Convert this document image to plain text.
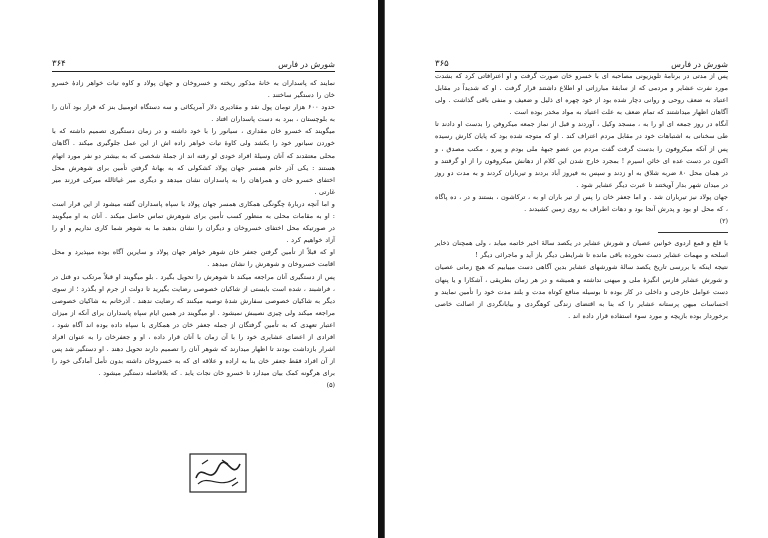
شورش در فارس
۳۶۴

نمایند که پاسداران به خانهٔ مذکور ریخته و خسروخان و جهان پولاد و کاوه تیات خواهر زادهٔ خسرو خان را دستگیر ساختند .

حدود ۶۰۰ هزار تومان پول نقد و مقادیری دلار آمریکائی و سه دستگاه اتومبیل بنز که قرار بود آنان را به بلوچستان ، ببرد به دست پاسداران افتاد .

میگویند که خسرو خان مقداری ، سیانور را با خود داشته و در زمان دستگیری تصمیم داشته که با خوردن سیانور خود را بکشد ولی کاوهٔ تیات خواهر زاده اش از این عمل جلوگیری میکند . آگاهان محلی معتقدند که آنان وسیلهٔ افراد خودی لو رفته اند از جملهٔ شخصی که به بیشتر دو نفر مورد اتهام هستند : یکی آذر خانم همسر جهان پولاد کشکولی که به بهانهٔ گرفتن تأمین برای شوهرش محل اختفای خسرو خان و همراهان را به پاسداران نشان میدهد و دیگری میر غیاثالله میرکی فرزند میر غارتی .

و اما آنچه دربارهٔ چگونگی همکاری همسر جهان پولاد با سپاه پاسداران گفته میشود از این قرار است : او به مقامات محلی به منظور کسب تأمین برای شوهرش تماس حاصل میکند . آنان به او میگویند در صورتیکه محل اختفای خسروخان و دیگران را نشان بدهید ما به شوهر شما کاری نداریم و او را آزاد خواهیم کرد .

او که قبلاً از تأمین گرفتن جعفر خان شوهر خواهر جهان پولاد و سایرین آگاه بوده میپذیرد و محل اقامت خسروخان و شوهرش را نشان میدهد .

پس از دستگیری آنان مراجعه میکند تا شوهرش را تحویل بگیرد . بلو میگویند او قبلاً مرتکب دو قتل در ، فراشبند ، شده است بایستی از شاکیان خصوصی رضایت بگیرید تا دولت از جرم او بگذرد ؛ از سوی دیگر به شاکیان خصوصی سفارش شدهٔ توصیه میکنند که رضایت ندهند . آذرخانم به شاکیان خصوصی مراجعه میکند ولی چیزی نصیبش نمیشود . او میگویند در همین ایام سپاه پاسداران برای آنکه از میزان اعتبار تعهدی که به تأمین گرفتگان از جمله جعفر خان در همکاری با سپاه داده بوده اند آگاه شود ، افرادی از اعضای عشایری خود را با آن زمان با آنان قرار داده ، او و جعفرخان را به عنوان افراد اشرار بازداشت بودند تا اظهار میدارند که شوهر آنان را تصمیم دارند تحویل دهند . او دستگیر شد پس از آن افراد فقط جعفر خان بنا به اراده و علاقه ای که به خسروخان داشته بدون تأمل آمادگی خود را برای هرگونه کمک بیان میدارد تا خسرو خان نجات یابد . که بلافاصله دستگیر میشود .

(۵)
شورش در فارس
۳۶۵

پس از مدتی در برنامهٔ تلویزیونی مصاحبه ای با خسرو خان صورت گرفت و او اعترافاتی کرد که بشدت مورد نفرت عشایر و مردمی که از سابقهٔ مبارزاتی او اطلاع داشتند قرار گرفت . او که شدیداً در مقابل اعتیاد به ضعف روحی و روانی دچار شده بود از خود چهره ای ذلیل و ضعیف و منفی باقی گذاشت . ولی آگاهان اظهار میداشتند که تمام ضعف به علت اعتیاد به مواد مخدر بوده است .

آنگاه در روز جمعه ای او را به ، مسجد وکیل ، آوردند و قبل از نماز جمعه میکروفن را بدست او دادند تا طی سخنانی به اشتباهات خود در مقابل مردم اعتراف کند . او که متوجه شده بود که پایان کارش رسیده پس از آنکه میکروفون را بدست گرفت گفت مردم من عضو جبههٔ ملی بودم و پیرو ، مکتب مصدق ، و اکنون در دست عده ای خائن اسیرم ! بمجرد خارج شدن این کلام از دهانش میکروفون را از او گرفتند و در همان محل ۸۰ ضربه شلاق به او زدند و سپس به فیروز آباد بردند و تیرباران کردند و به مدت دو روز در میدان شهر بدار آویختند تا عبرت دیگر عشایر شود .

جهان پولاد نیز تیرباران شد . و اما جعفر خان را پس از تیر باران او به ، ترکاشون ، بستند و در ، ده پاگاه ، که محل او بود و پدرش آنجا بود و دهات اطراف به روی زمین کشیدند .

(۲)

با قلع و قمع اردوی خوانین عصیان و شورش عشایر در یکصد سالهٔ اخیر خاتمه میابد ، ولی همچنان ذخایر اسلحه و مهمات عشایر دست نخورده باقی مانده تا شرایطی دیگر باز آید و ماجرائی دیگر !

نتیجه اینکه با بررسی تاریخ یکصد سالهٔ شورشهای عشایر بدین آگاهی دست مییابیم که هیچ زمانی عصیان و شورش عشایر فارس انگیزهٔ ملی و میهنی نداشته و همیشه و در هر زمان بطریقی ، آشکارا و یا پنهان دست عوامل خارجی و داخلی در کار بوده تا بوسیله منافع کوتاه مدت و بلند مدت خود را تأمین نمایند و احساسات میهن پرستانه عشایر را که بنا به اقتضای زندگی کوهگردی و بیابانگردی از اصالت خاصی برخوردار بوده بازیچه و مورد سوء استفاده قرار داده اند .
